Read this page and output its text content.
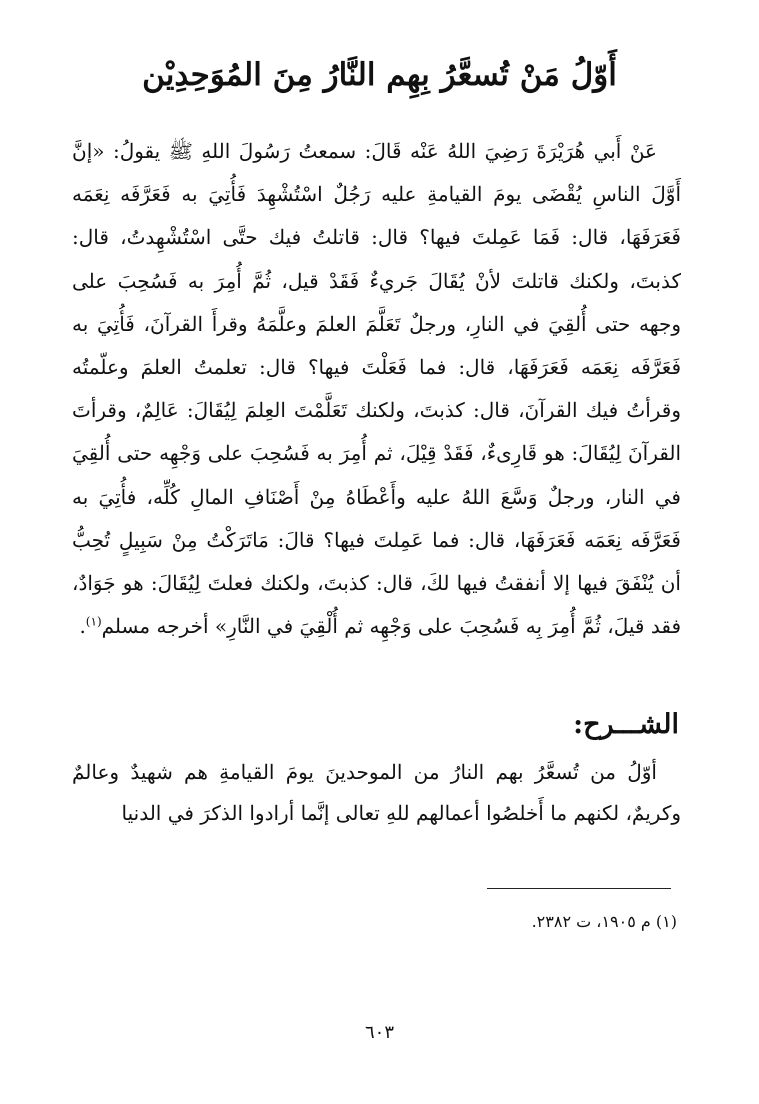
أَوّلُ مَنْ تُسعَّرُ بِهِم النَّارُ مِنَ المُوَحِدِيْن

عَنْ أَبي هُرَيْرَةَ رَضِيَ اللهُ عَنْه قَالَ: سمعتُ رَسُولَ اللهِ ﷺ يقولُ: «إنَّ أَوَّلَ الناسِ يُقْضَى يومَ القيامةِ عليه رَجُلٌ اسْتُشْهِدَ فَأُتِيَ به فَعَرَّفَه نِعَمَه فَعَرَفَهَا، قال: فَمَا عَمِلتَ فيها؟ قال: قاتلتُ فيك حتَّى اسْتُشْهِدتُ، قال: كذبتَ، ولكنك قاتلتَ لأنْ يُقَالَ جَريءٌ فَقَدْ قيل، ثُمَّ أُمِرَ به فَسُحِبَ على وجهه حتى أُلقِيَ في النارِ، ورجلٌ تَعَلَّمَ العلمَ وعلَّمَهُ وقرأَ القرآنَ، فَأُتِيَ به فَعَرَّفَه نِعَمَه فَعَرَفَهَا، قال: فما فَعَلْتَ فيها؟ قال: تعلمتُ العلمَ وعلّمتُه وقرأتُ فيك القرآنَ، قال: كذبتَ، ولكنك تَعَلَّمْتَ العِلمَ لِيُقَالَ: عَالِمٌ، وقرأتَ القرآنَ لِيُقَالَ: هو قَارِىءٌ، فَقَدْ قِيْلَ، ثم أُمِرَ به فَسُحِبَ على وَجْهِه حتى أُلقِيَ في النار، ورجلٌ وَسَّعَ اللهُ عليه وأَعْطَاهُ مِنْ أَصْنَافِ المالِ كُلِّه، فأُتِيَ به فَعَرَّفَه نِعَمَه فَعَرَفَهَا، قال: فما عَمِلتَ فيها؟ قالَ: مَاتَرَكْتُ مِنْ سَبِيلٍ تُحِبُّ أن يُنْفَقَ فيها إلا أنفقتُ فيها لكَ، قال: كذبتَ، ولكنك فعلتَ لِيُقَالَ: هو جَوَادٌ، فقد قيلَ، ثُمَّ أُمِرَ بِه فَسُحِبَ على وَجْهِه ثم أُلْقِيَ في النَّارِ» أخرجه مسلم$^{(١)}$.

الشـــرح:

أوّلُ من تُسعَّرُ بهم النارُ من الموحدينَ يومَ القيامةِ هم شهيدٌ وعالمٌ وكريمٌ، لكنهم ما أَخلصُوا أعمالهم للهِ تعالى إنَّما أرادوا الذكرَ في الدنيا

(١) م ١٩٠٥، ت ٢٣٨٢.

٦٠٣
